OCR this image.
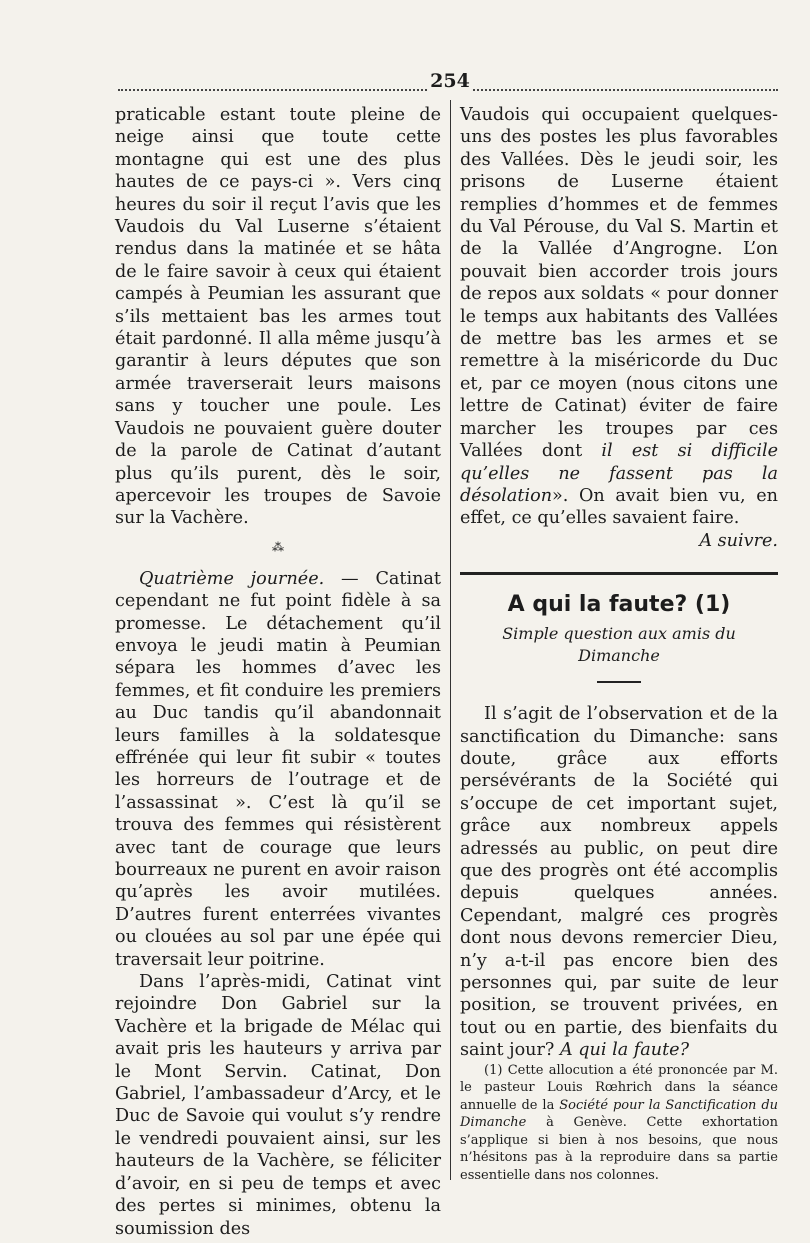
254

praticable estant toute pleine de neige ainsi que toute cette montagne qui est une des plus hautes de ce pays-ci ». Vers cinq heures du soir il reçut l’avis que les Vaudois du Val Luserne s’étaient rendus dans la matinée et se hâta de le faire savoir à ceux qui étaient campés à Peumian les assurant que s’ils mettaient bas les armes tout était pardonné. Il alla même jusqu’à garantir à leurs députes que son armée traverserait leurs maisons sans y toucher une poule. Les Vaudois ne pouvaient guère douter de la parole de Catinat d’autant plus qu’ils purent, dès le soir, apercevoir les troupes de Savoie sur la Vachère.

⁂

Quatrième journée. — Catinat cependant ne fut point fidèle à sa promesse. Le détachement qu’il envoya le jeudi matin à Peumian sépara les hommes d’avec les femmes, et fit conduire les premiers au Duc tandis qu’il abandonnait leurs familles à la soldatesque effrénée qui leur fit subir « toutes les horreurs de l’outrage et de l’assassinat ». C’est là qu’il se trouva des femmes qui résistèrent avec tant de courage que leurs bourreaux ne purent en avoir raison qu’après les avoir mutilées. D’autres furent enterrées vivantes ou clouées au sol par une épée qui traversait leur poitrine.

Dans l’après-midi, Catinat vint rejoindre Don Gabriel sur la Vachère et la brigade de Mélac qui avait pris les hauteurs y arriva par le Mont Servin. Catinat, Don Gabriel, l’ambassadeur d’Arcy, et le Duc de Savoie qui voulut s’y rendre le vendredi pouvaient ainsi, sur les hauteurs de la Vachère, se féliciter d’avoir, en si peu de temps et avec des pertes si minimes, obtenu la soumission des

Vaudois qui occupaient quelques-uns des postes les plus favorables des Vallées. Dès le jeudi soir, les prisons de Luserne étaient remplies d’hommes et de femmes du Val Pérouse, du Val S. Martin et de la Vallée d’Angrogne. L’on pouvait bien accorder trois jours de repos aux soldats « pour donner le temps aux habitants des Vallées de mettre bas les armes et se remettre à la miséricorde du Duc et, par ce moyen (nous citons une lettre de Catinat) éviter de faire marcher les troupes par ces Vallées dont il est si difficile qu’elles ne fassent pas la désolation». On avait bien vu, en effet, ce qu’elles savaient faire.

A suivre.

A qui la faute? (1)

Simple question aux amis du Dimanche

Il s’agit de l’observation et de la sanctification du Dimanche: sans doute, grâce aux efforts persévérants de la Société qui s’occupe de cet important sujet, grâce aux nombreux appels adressés au public, on peut dire que des progrès ont été accomplis depuis quelques années. Cependant, malgré ces progrès dont nous devons remercier Dieu, n’y a-t-il pas encore bien des personnes qui, par suite de leur position, se trouvent privées, en tout ou en partie, des bienfaits du saint jour? A qui la faute?

(1) Cette allocution a été prononcée par M. le pasteur Louis Rœhrich dans la séance annuelle de la Société pour la Sanctification du Dimanche à Genève. Cette exhortation s’applique si bien à nos besoins, que nous n’hésitons pas à la reproduire dans sa partie essentielle dans nos colonnes.
